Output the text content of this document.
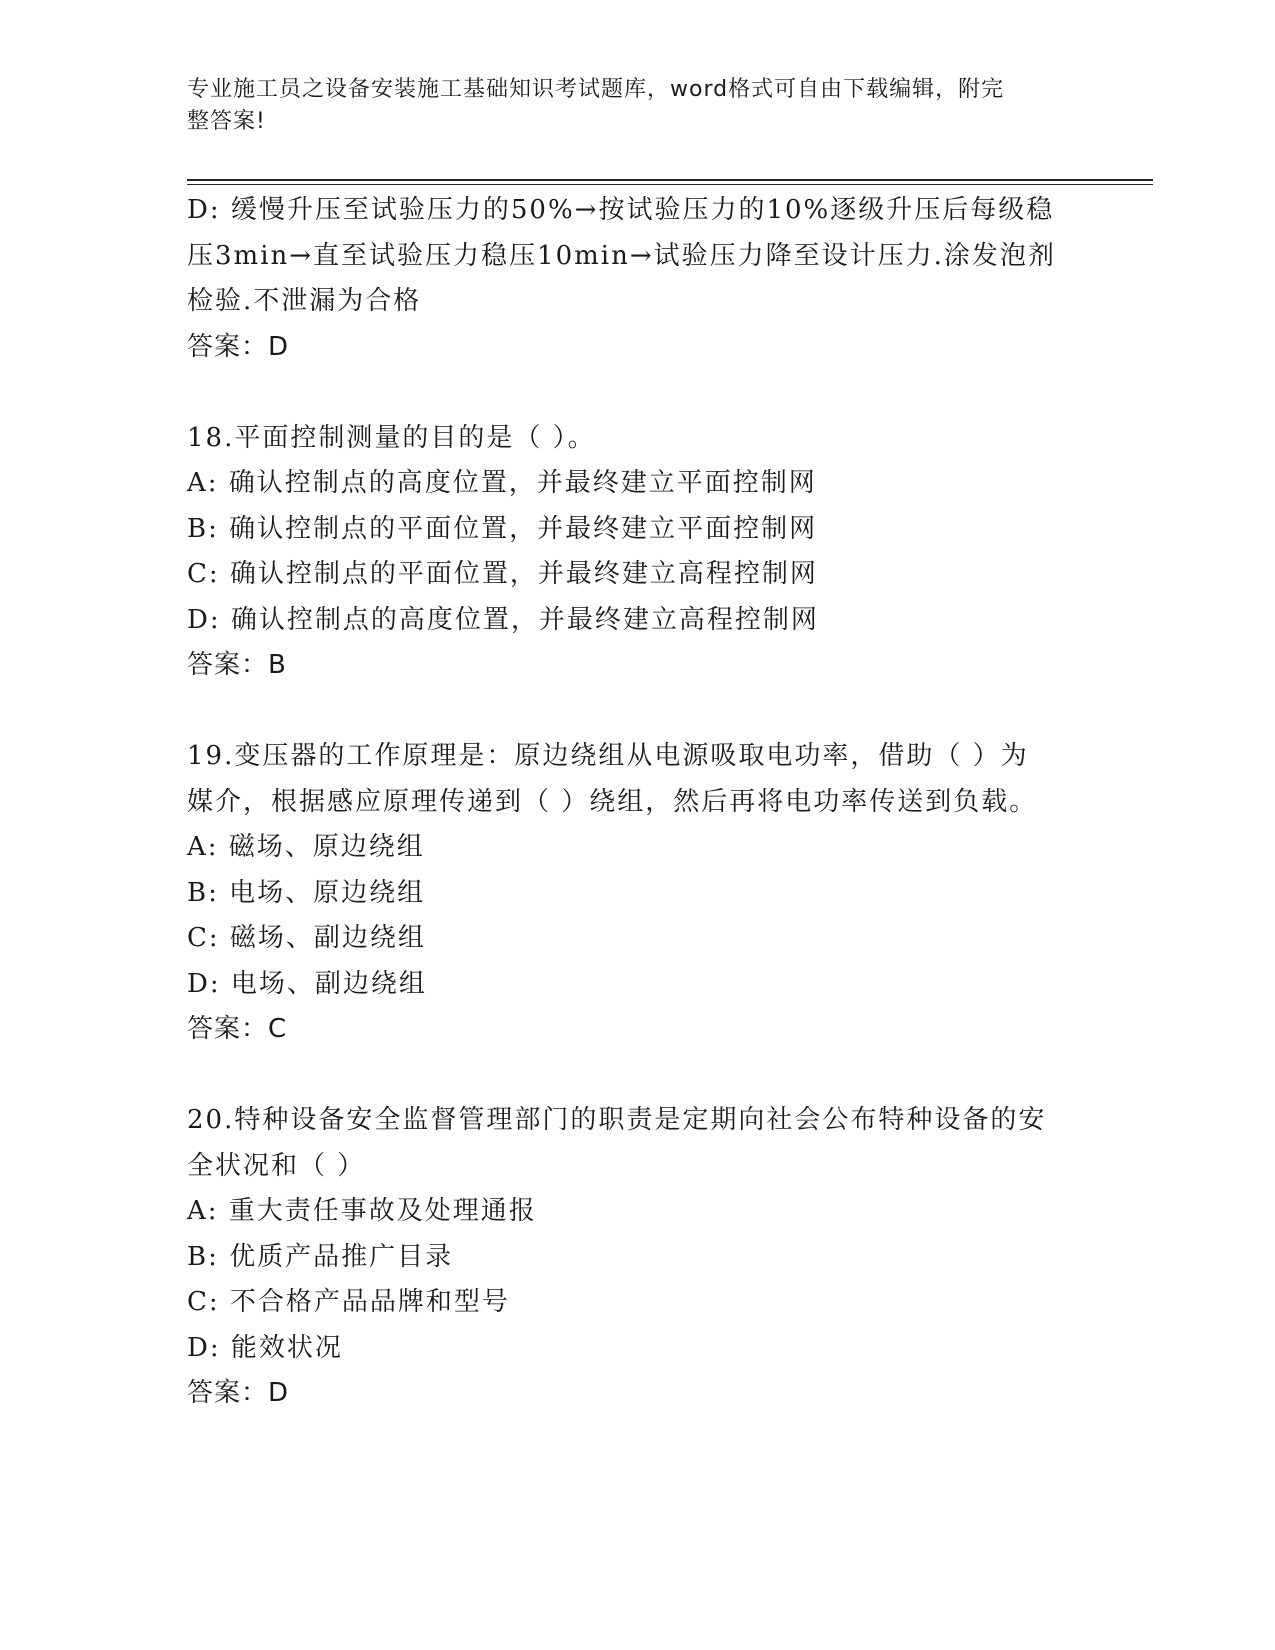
专业施工员之设备安装施工基础知识考试题库，word格式可自由下载编辑，附完
整答案!

D: 缓慢升压至试验压力的50%→按试验压力的10%逐级升压后每级稳

压3min→直至试验压力稳压10min→试验压力降至设计压力.涂发泡剂

检验.不泄漏为合格

答案：D

18.平面控制测量的目的是（ ）。

A: 确认控制点的高度位置，并最终建立平面控制网

B: 确认控制点的平面位置，并最终建立平面控制网

C: 确认控制点的平面位置，并最终建立高程控制网

D: 确认控制点的高度位置，并最终建立高程控制网

答案：B

19.变压器的工作原理是：原边绕组从电源吸取电功率，借助（ ）为

媒介，根据感应原理传递到（ ）绕组，然后再将电功率传送到负载。

A: 磁场、原边绕组

B: 电场、原边绕组

C: 磁场、副边绕组

D: 电场、副边绕组

答案：C

20.特种设备安全监督管理部门的职责是定期向社会公布特种设备的安

全状况和（ ）

A: 重大责任事故及处理通报

B: 优质产品推广目录

C: 不合格产品品牌和型号

D: 能效状况

答案：D
